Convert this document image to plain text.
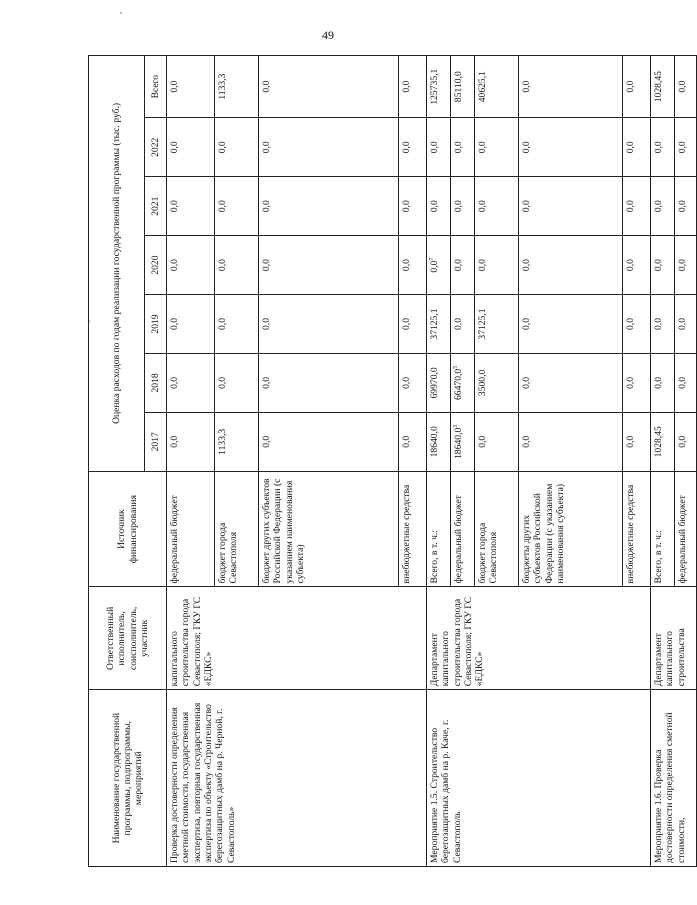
49
Наименование государственной программы, подпрограммы, мероприятий	Ответственный исполнитель, соисполнитель, участник	Источник финансирования	Оценка расходов по годам реализации государственной программы (тыс. руб.)						
			2017	2018	2019	2020	2021	2022	Всего
Проверка достоверности определения сметной стоимости, государственная экспертиза, повторная государственная экспертиза по объекту «Строительство берегозащитных дамб на р. Черной, г. Севастополь»	капитального строительства города Севастополя; ГКУ ГС «ЕДКС»	федеральный бюджет	0,0	0,0	0,0	0,0	0,0	0,0	0,0
		бюджет города Севастополя	1133,3	0,0	0,0	0,0	0,0	0,0	1133,3
		бюджет других субъектов Российской Федерации (с указанием наименования субъекта)	0,0	0,0	0,0	0,0	0,0	0,0	0,0
		внебюджетные средства	0,0	0,0	0,0	0,0	0,0	0,0	0,0
Мероприятие 1.5. Строительство берегозащитных дамб на р. Каче, г. Севастополь	Департамент капитального строительства города Севастополя; ГКУ ГС «ЕДКС»	Всего, в т. ч.:	18640,0	69970,0	37125,1	$0,0^7$	0,0	0,0	125735,1
		федеральный бюджет	18640,0$^3$	66470,0$^5$	0,0	0,0	0,0	0,0	85110,0
		бюджет города Севастополя	0,0	3500,0	37125,1	0,0	0,0	0,0	40625,1
		бюджеты других субъектов Российской Федерации (с указанием наименования субъекта)	0,0	0,0	0,0	0,0	0,0	0,0	0,0
		внебюджетные средства	0,0	0,0	0,0	0,0	0,0	0,0	0,0
Мероприятие 1.6. Проверка достоверности определения сметной стоимости,	Департамент капитального строительства	Всего, в т. ч.:	1028,45	0,0	0,0	0,0	0,0	0,0	1028,45
		федеральный бюджет	0,0	0,0	0,0	0,0	0,0	0,0	0,0
